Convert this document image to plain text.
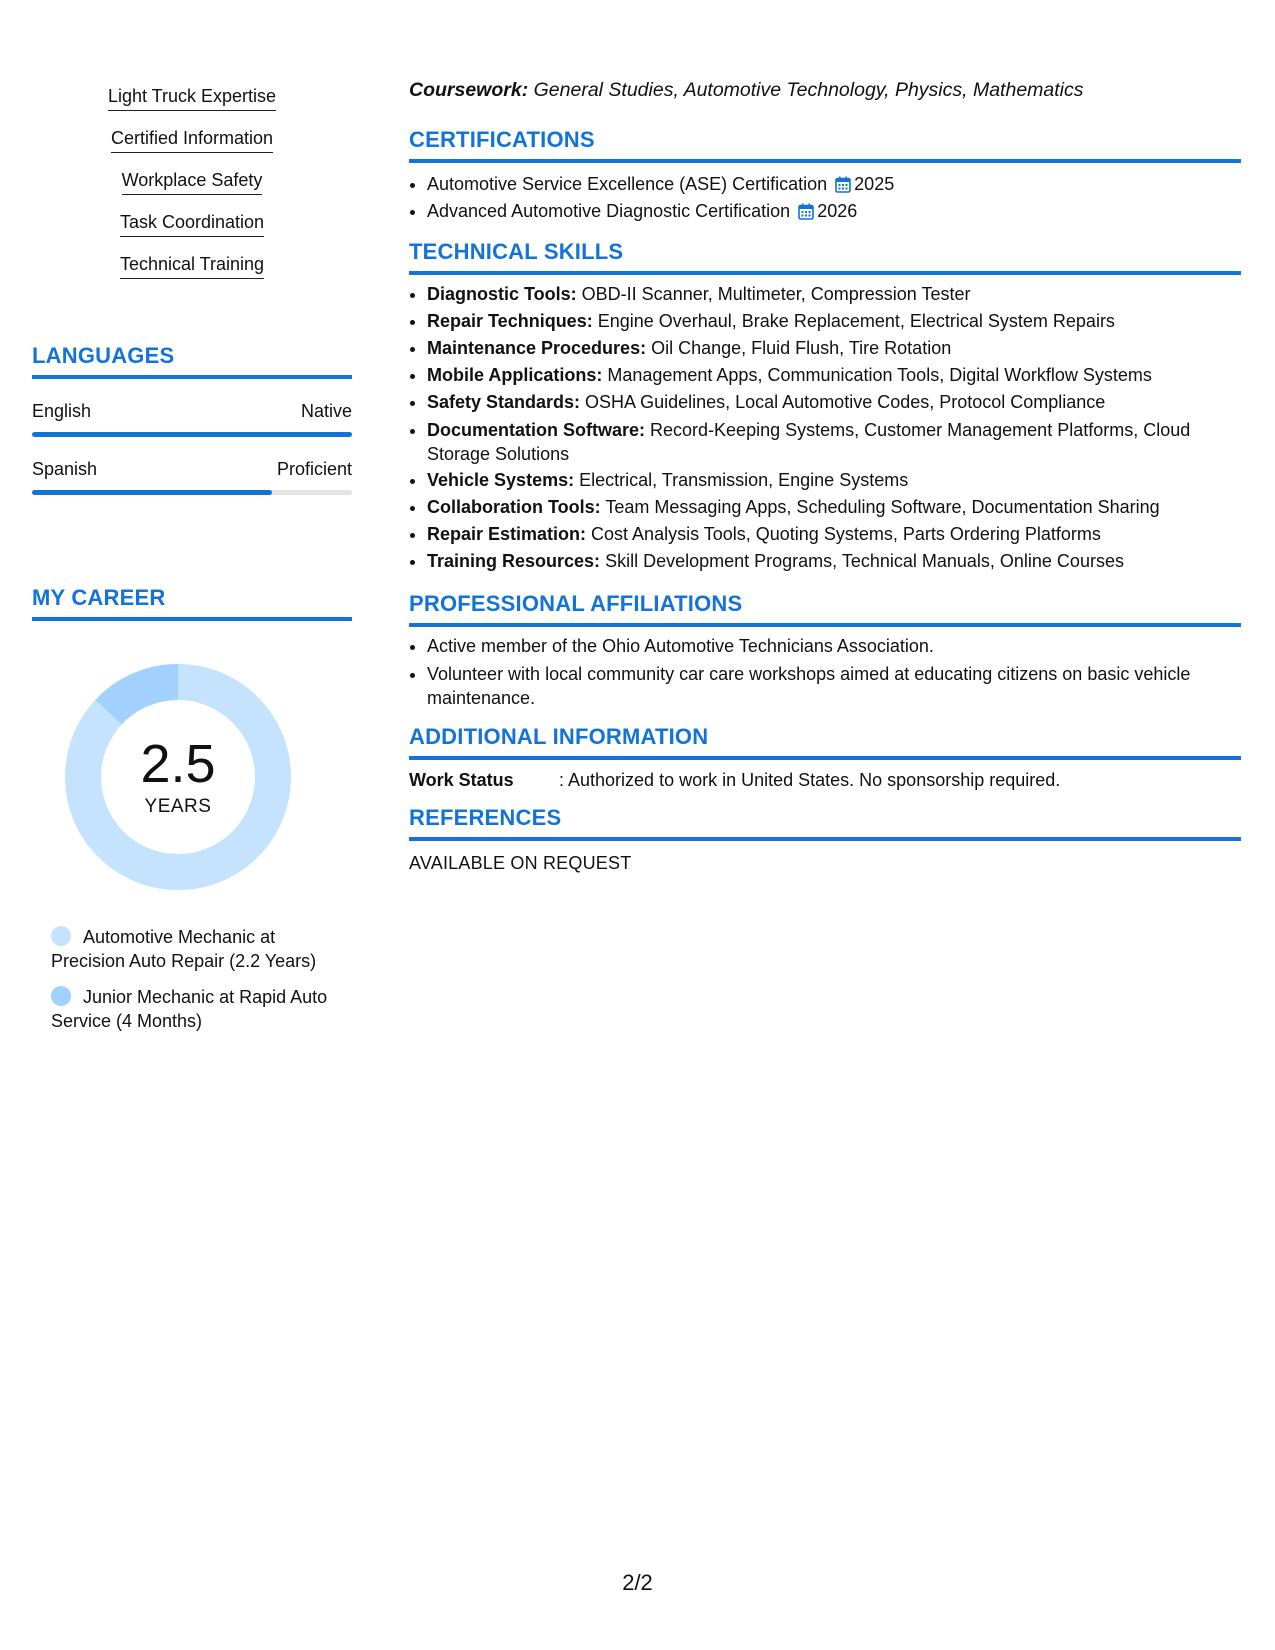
Light Truck Expertise
Certified Information
Workplace Safety
Task Coordination
Technical Training
LANGUAGES
English	Native
Spanish	Proficient
MY CAREER
2.5
YEARS
Automotive Mechanic at Precision Auto Repair (2.2 Years)
Junior Mechanic at Rapid Auto Service (4 Months)
Coursework: General Studies, Automotive Technology, Physics, Mathematics
CERTIFICATIONS
• Automotive Service Excellence (ASE) Certification 2025
• Advanced Automotive Diagnostic Certification 2026
TECHNICAL SKILLS
• Diagnostic Tools: OBD-II Scanner, Multimeter, Compression Tester
• Repair Techniques: Engine Overhaul, Brake Replacement, Electrical System Repairs
• Maintenance Procedures: Oil Change, Fluid Flush, Tire Rotation
• Mobile Applications: Management Apps, Communication Tools, Digital Workflow Systems
• Safety Standards: OSHA Guidelines, Local Automotive Codes, Protocol Compliance
• Documentation Software: Record-Keeping Systems, Customer Management Platforms, Cloud Storage Solutions
• Vehicle Systems: Electrical, Transmission, Engine Systems
• Collaboration Tools: Team Messaging Apps, Scheduling Software, Documentation Sharing
• Repair Estimation: Cost Analysis Tools, Quoting Systems, Parts Ordering Platforms
• Training Resources: Skill Development Programs, Technical Manuals, Online Courses
PROFESSIONAL AFFILIATIONS
• Active member of the Ohio Automotive Technicians Association.
• Volunteer with local community car care workshops aimed at educating citizens on basic vehicle maintenance.
ADDITIONAL INFORMATION
Work Status	: Authorized to work in United States. No sponsorship required.
REFERENCES
AVAILABLE ON REQUEST
2/2
